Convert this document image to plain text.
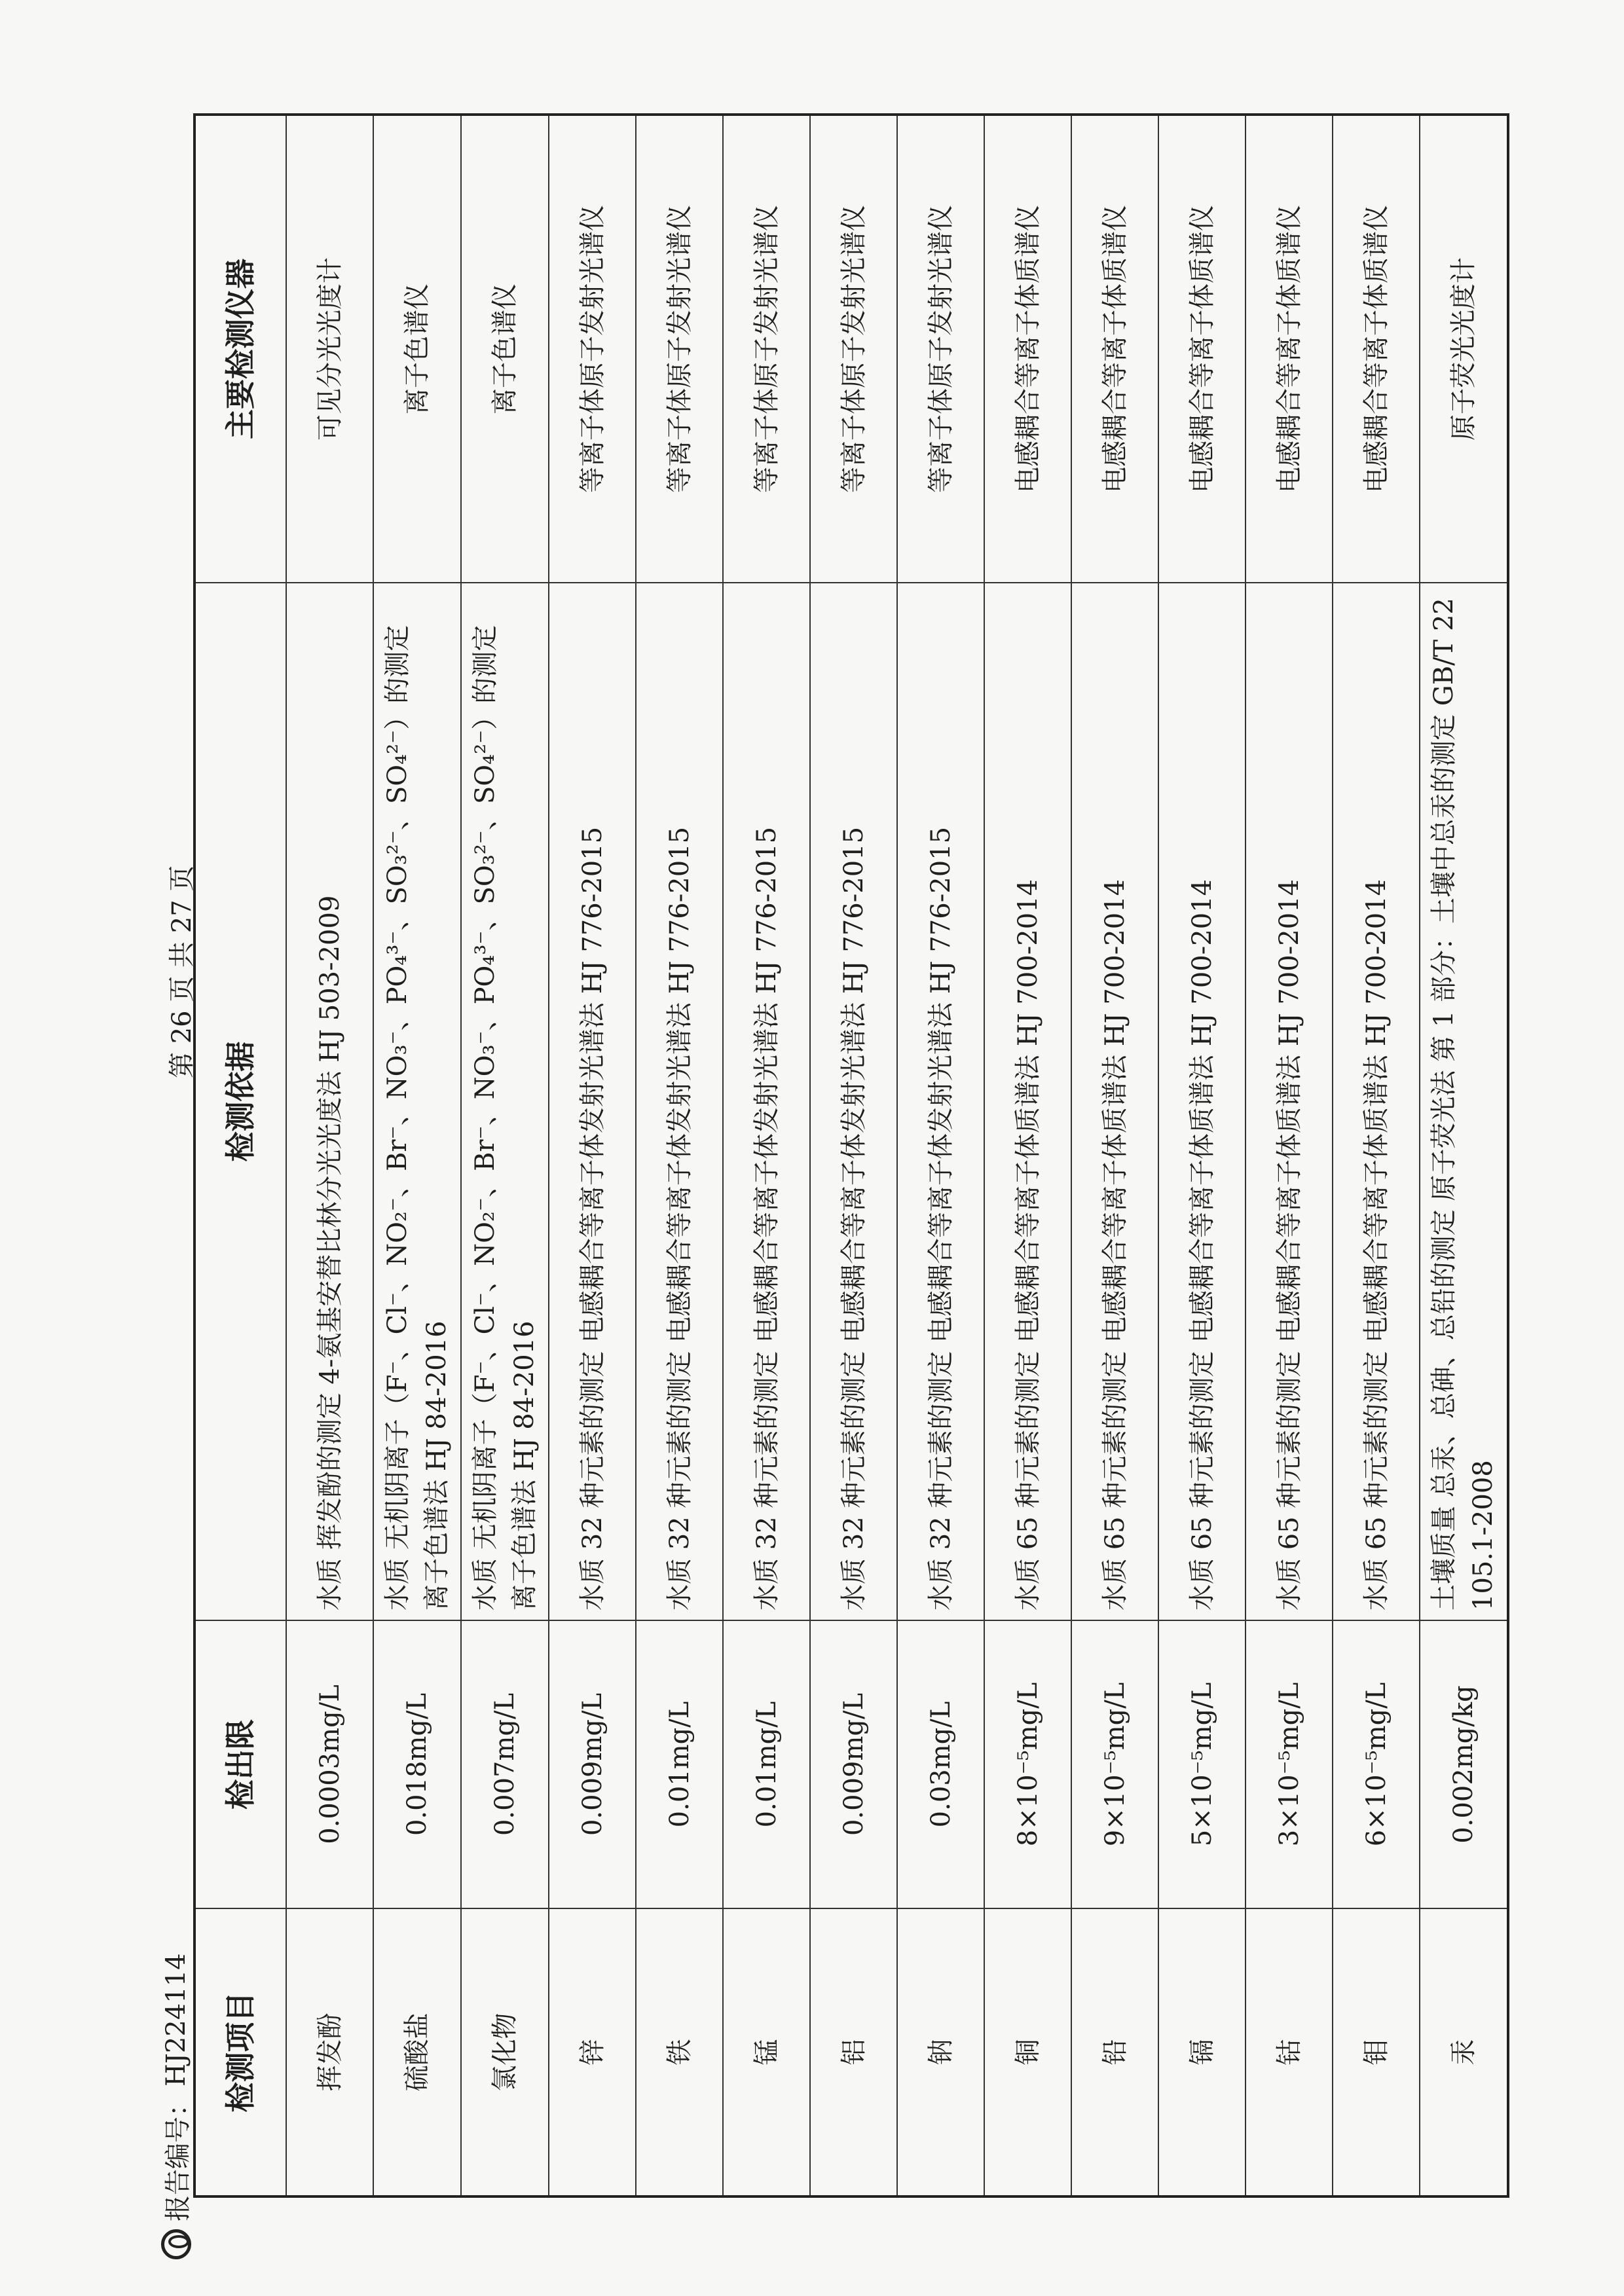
报告编号：
HJ224114
第 26 页 共 27 页
检测项目	检出限	检测依据	主要检测仪器
挥发酚	0.0003mg/L	水质 挥发酚的测定 4-氨基安替比林分光光度法 HJ 503-2009	可见分光光度计
硫酸盐	0.018mg/L	水质 无机阴离子（F⁻、Cl⁻、NO₂⁻、Br⁻、NO₃⁻、PO₄³⁻、SO₃²⁻、SO₄²⁻）的测定 离子色谱法 HJ 84-2016	离子色谱仪
氯化物	0.007mg/L	水质 无机阴离子（F⁻、Cl⁻、NO₂⁻、Br⁻、NO₃⁻、PO₄³⁻、SO₃²⁻、SO₄²⁻）的测定 离子色谱法 HJ 84-2016	离子色谱仪
锌	0.009mg/L	水质 32 种元素的测定 电感耦合等离子体发射光谱法 HJ 776-2015	等离子体原子发射光谱仪
铁	0.01mg/L	水质 32 种元素的测定 电感耦合等离子体发射光谱法 HJ 776-2015	等离子体原子发射光谱仪
锰	0.01mg/L	水质 32 种元素的测定 电感耦合等离子体发射光谱法 HJ 776-2015	等离子体原子发射光谱仪
铝	0.009mg/L	水质 32 种元素的测定 电感耦合等离子体发射光谱法 HJ 776-2015	等离子体原子发射光谱仪
钠	0.03mg/L	水质 32 种元素的测定 电感耦合等离子体发射光谱法 HJ 776-2015	等离子体原子发射光谱仪
铜	8×10⁻⁵mg/L	水质 65 种元素的测定 电感耦合等离子体质谱法 HJ 700-2014	电感耦合等离子体质谱仪
铅	9×10⁻⁵mg/L	水质 65 种元素的测定 电感耦合等离子体质谱法 HJ 700-2014	电感耦合等离子体质谱仪
镉	5×10⁻⁵mg/L	水质 65 种元素的测定 电感耦合等离子体质谱法 HJ 700-2014	电感耦合等离子体质谱仪
钴	3×10⁻⁵mg/L	水质 65 种元素的测定 电感耦合等离子体质谱法 HJ 700-2014	电感耦合等离子体质谱仪
钼	6×10⁻⁵mg/L	水质 65 种元素的测定 电感耦合等离子体质谱法 HJ 700-2014	电感耦合等离子体质谱仪
汞	0.002mg/kg	土壤质量 总汞、总砷、总铅的测定 原子荧光法 第 1 部分：土壤中总汞的测定 GB/T 22105.1-2008	原子荧光光度计
